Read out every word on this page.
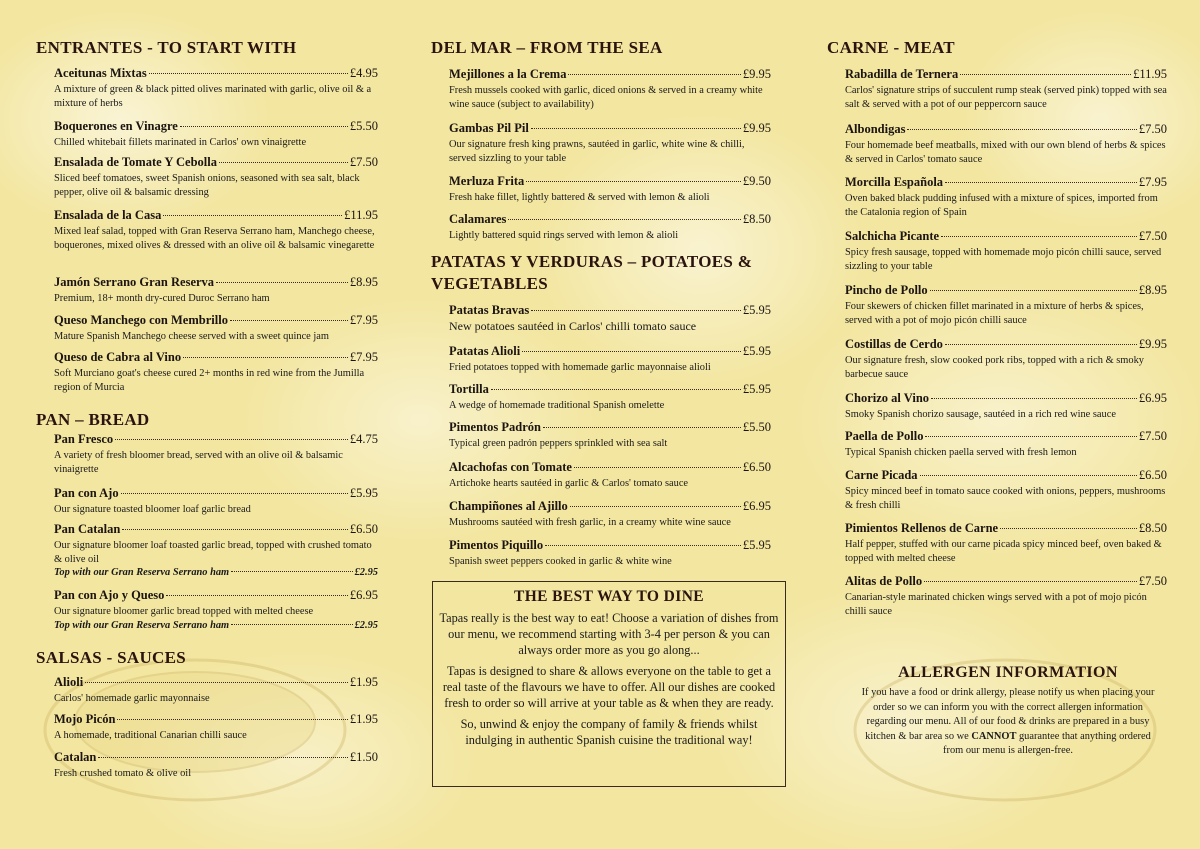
ENTRANTES - TO START WITH
Aceitunas Mixtas	£4.95
A mixture of green & black pitted olives marinated with garlic, olive oil & a mixture of herbs
Boquerones en Vinagre	£5.50
Chilled whitebait fillets marinated in Carlos' own vinaigrette
Ensalada de Tomate Y Cebolla	£7.50
Sliced beef tomatoes, sweet Spanish onions, seasoned with sea salt, black pepper, olive oil & balsamic dressing
Ensalada de la Casa	£11.95
Mixed leaf salad, topped with Gran Reserva Serrano ham, Manchego cheese, boquerones, mixed olives & dressed with an olive oil & balsamic vinegarette
Jamón Serrano Gran Reserva	£8.95
Premium, 18+ month dry-cured Duroc Serrano ham
Queso Manchego con Membrillo	£7.95
Mature Spanish Manchego cheese served with a sweet quince jam
Queso de Cabra al Vino	£7.95
Soft Murciano goat's cheese cured 2+ months in red wine from the Jumilla region of Murcia
PAN – BREAD
Pan Fresco	£4.75
A variety of fresh bloomer bread, served with an olive oil & balsamic vinaigrette
Pan con Ajo	£5.95
Our signature toasted bloomer loaf garlic bread
Pan Catalan	£6.50
Our signature bloomer loaf toasted garlic bread, topped with crushed tomato & olive oil
Top with our Gran Reserva Serrano ham	£2.95
Pan con Ajo y Queso	£6.95
Our signature bloomer garlic bread topped with melted cheese
Top with our Gran Reserva Serrano ham	£2.95
SALSAS - SAUCES
Alioli	£1.95
Carlos' homemade garlic mayonnaise
Mojo Picón	£1.95
A homemade, traditional Canarian chilli sauce
Catalan	£1.50
Fresh crushed tomato & olive oil
DEL MAR – FROM THE SEA
Mejillones a la Crema	£9.95
Fresh mussels cooked with garlic, diced onions & served in a creamy white wine sauce (subject to availability)
Gambas Pil Pil	£9.95
Our signature fresh king prawns, sautéed in garlic, white wine & chilli, served sizzling to your table
Merluza Frita	£9.50
Fresh hake fillet, lightly battered & served with lemon & alioli
Calamares	£8.50
Lightly battered squid rings served with lemon & alioli
PATATAS Y VERDURAS – POTATOES &
VEGETABLES
Patatas Bravas	£5.95
New potatoes sautéed in Carlos' chilli tomato sauce
Patatas Alioli	£5.95
Fried potatoes topped with homemade garlic mayonnaise alioli
Tortilla	£5.95
A wedge of homemade traditional Spanish omelette
Pimentos Padrón	£5.50
Typical green padrón peppers sprinkled with sea salt
Alcachofas con Tomate	£6.50
Artichoke hearts sautéed in garlic & Carlos' tomato sauce
Champiñones al Ajillo	£6.95
Mushrooms sautéed with fresh garlic, in a creamy white wine sauce
Pimentos Piquillo	£5.95
Spanish sweet peppers cooked in garlic & white wine
THE BEST WAY TO DINE

Tapas really is the best way to eat! Choose a variation of dishes from our menu, we recommend starting with 3-4 per person & you can always order more as you go along...

Tapas is designed to share & allows everyone on the table to get a real taste of the flavours we have to offer. All our dishes are cooked fresh to order so will arrive at your table as & when they are ready.

So, unwind & enjoy the company of family & friends whilst indulging in authentic Spanish cuisine the traditional way!

CARNE - MEAT
Rabadilla de Ternera	£11.95
Carlos' signature strips of succulent rump steak (served pink) topped with sea salt & served with a pot of our peppercorn sauce
Albondigas	£7.50
Four homemade beef meatballs, mixed with our own blend of herbs & spices & served in Carlos' tomato sauce
Morcilla Española	£7.95
Oven baked black pudding infused with a mixture of spices, imported from the Catalonia region of Spain
Salchicha Picante	£7.50
Spicy fresh sausage, topped with homemade mojo picón chilli sauce, served sizzling to your table
Pincho de Pollo	£8.95
Four skewers of chicken fillet marinated in a mixture of herbs & spices, served with a pot of mojo picón chilli sauce
Costillas de Cerdo	£9.95
Our signature fresh, slow cooked pork ribs, topped with a rich & smoky barbecue sauce
Chorizo al Vino	£6.95
Smoky Spanish chorizo sausage, sautéed in a rich red wine sauce
Paella de Pollo	£7.50
Typical Spanish chicken paella served with fresh lemon
Carne Picada	£6.50
Spicy minced beef in tomato sauce cooked with onions, peppers, mushrooms & fresh chilli
Pimientos Rellenos de Carne	£8.50
Half pepper, stuffed with our carne picada spicy minced beef, oven baked & topped with melted cheese
Alitas de Pollo	£7.50
Canarian-style marinated chicken wings served with a pot of mojo picón chilli sauce
ALLERGEN INFORMATION

If you have a food or drink allergy, please notify us when placing your order so we can inform you with the correct allergen information regarding our menu. All of our food & drinks are prepared in a busy kitchen & bar area so we CANNOT guarantee that anything ordered from our menu is allergen-free.
